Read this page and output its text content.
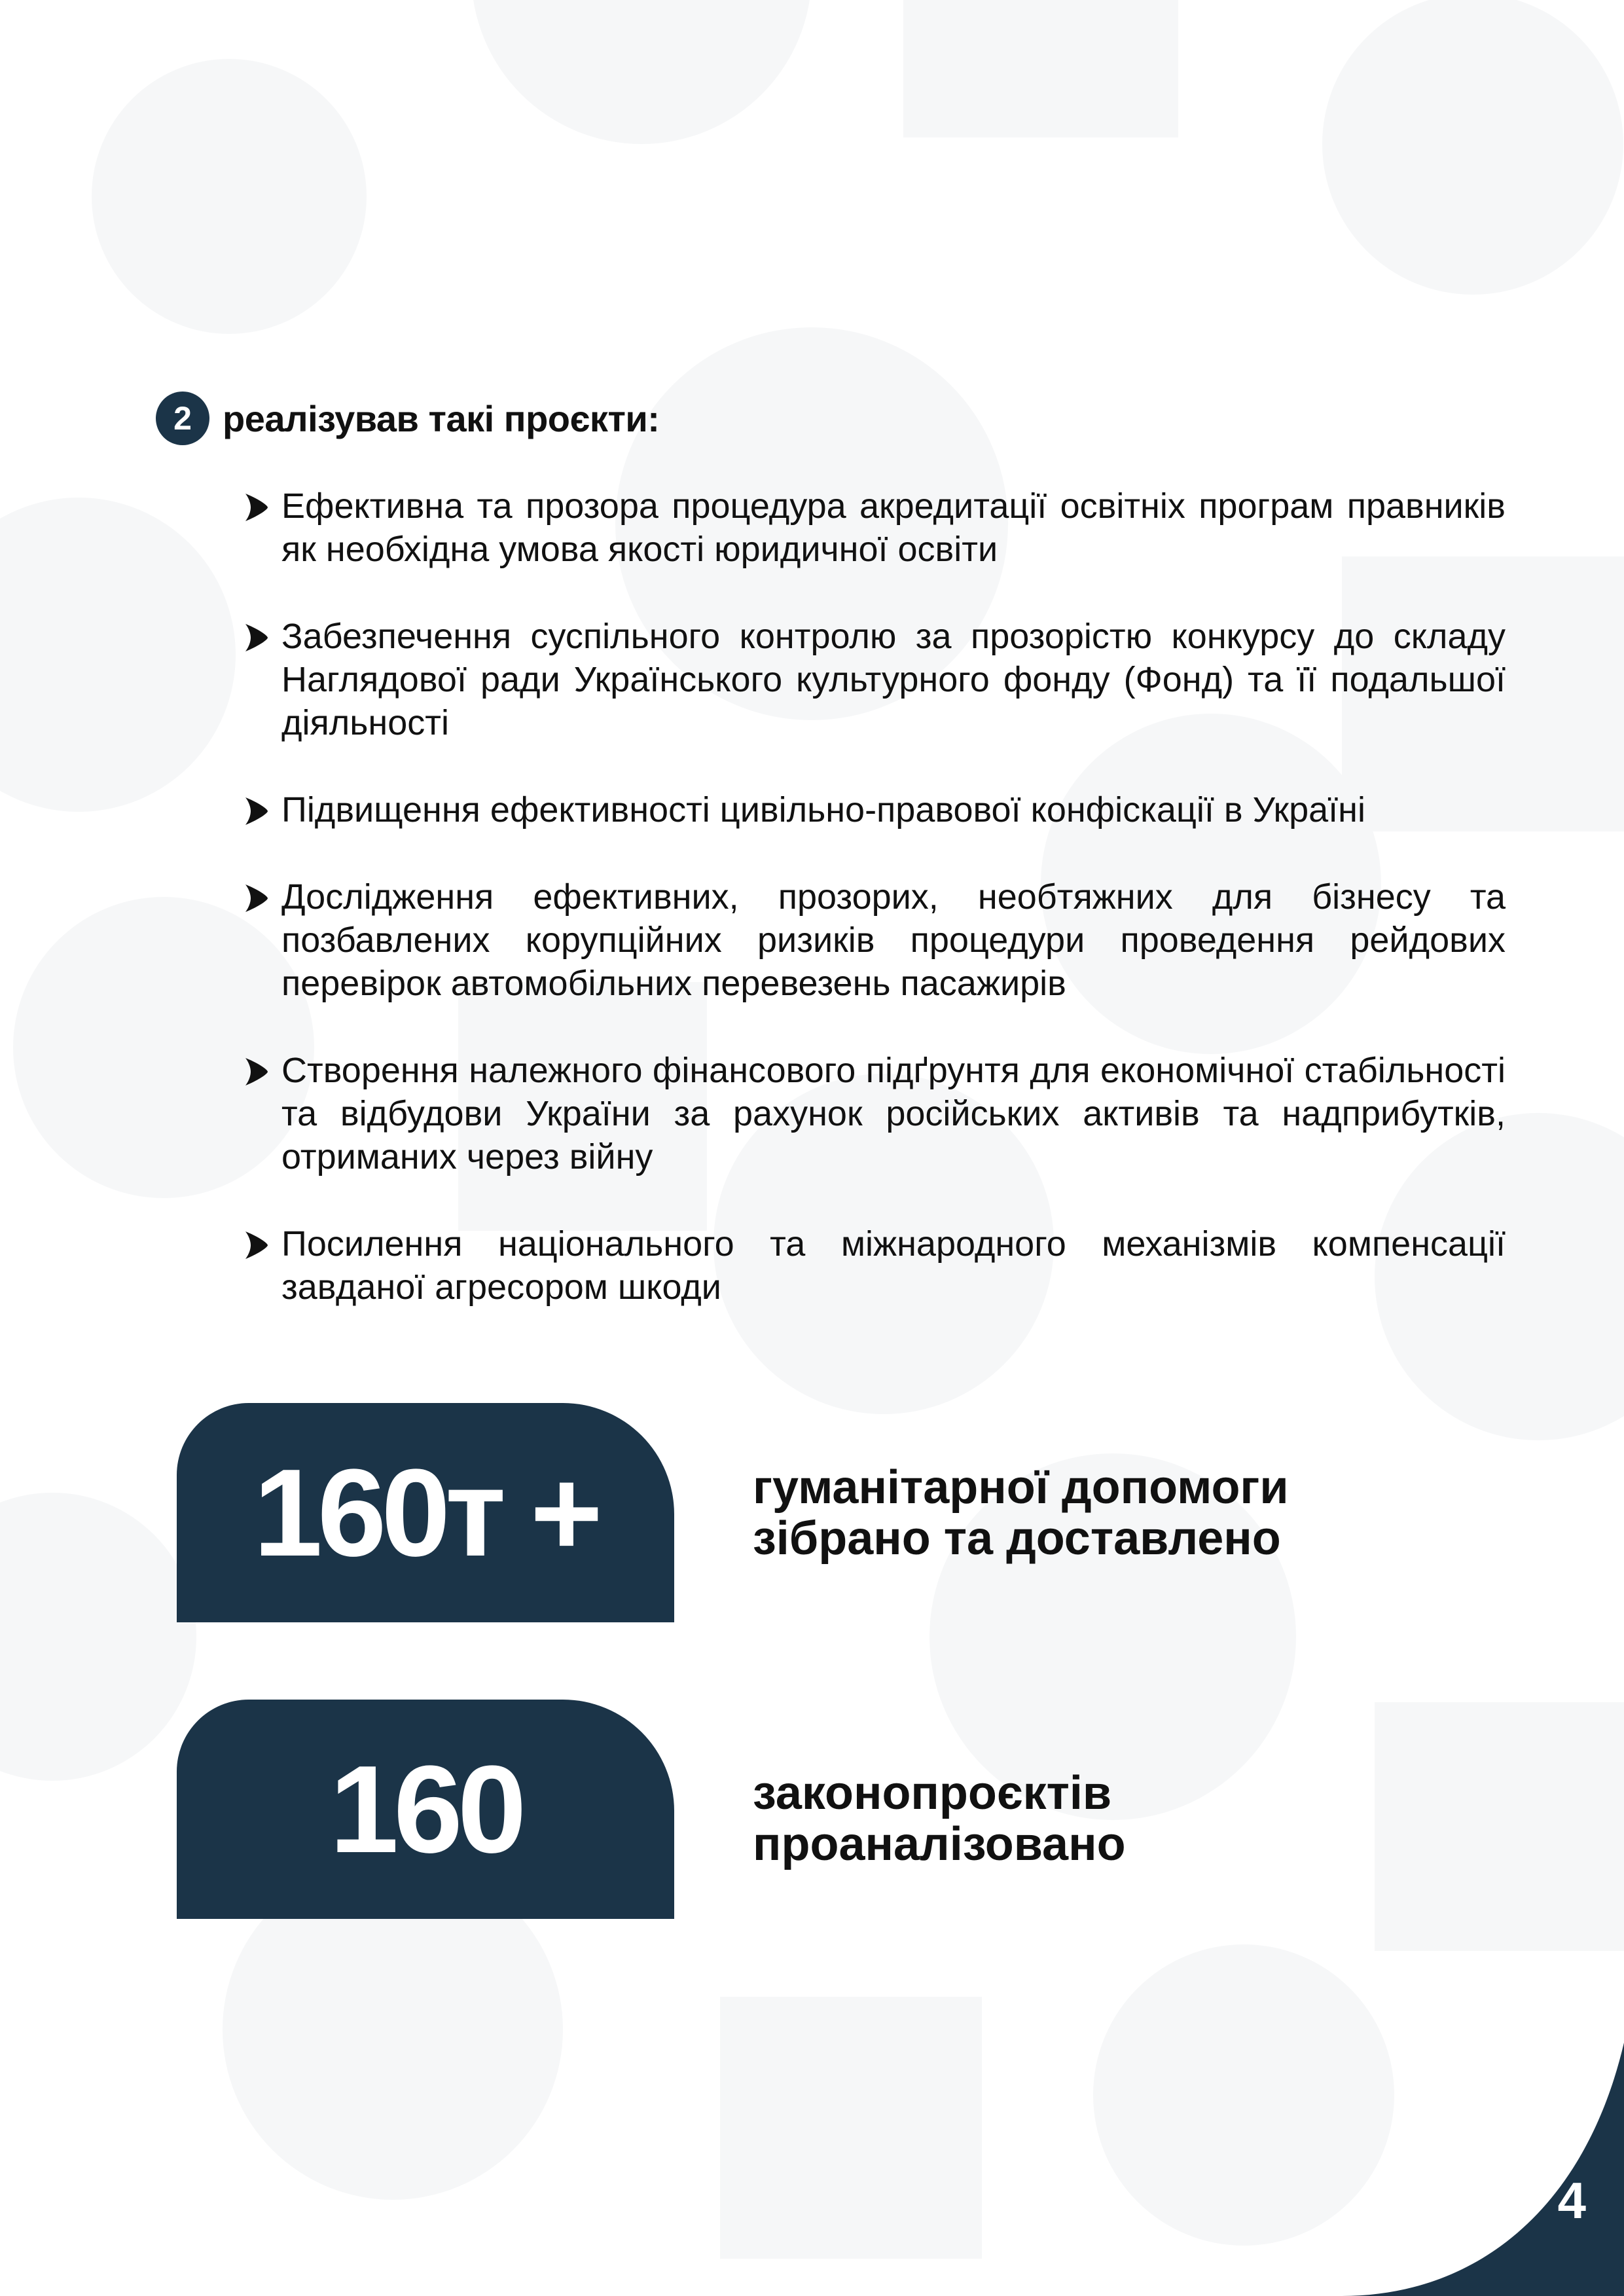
2 реалізував такі проєкти:
Ефективна та прозора процедура акредитації освітніх програм правників як необхідна умова якості юридичної освіти
Забезпечення суспільного контролю за прозорістю конкурсу до складу Наглядової ради Українського культурного фонду (Фонд) та її подальшої діяльності
Підвищення ефективності цивільно-правової конфіскації в Україні
Дослідження ефективних, прозорих, необтяжних для бізнесу та позбавлених корупційних ризиків процедури проведення рейдових перевірок автомобільних перевезень пасажирів
Створення належного фінансового підґрунтя для економічної стабільності та відбудови України за рахунок російських активів та надприбутків, отриманих через війну
Посилення національного та міжнародного механізмів компенсації завданої агресором шкоди
160т +	гуманітарної допомоги
зібрано та доставлено
160	законопроєктів
проаналізовано
4
